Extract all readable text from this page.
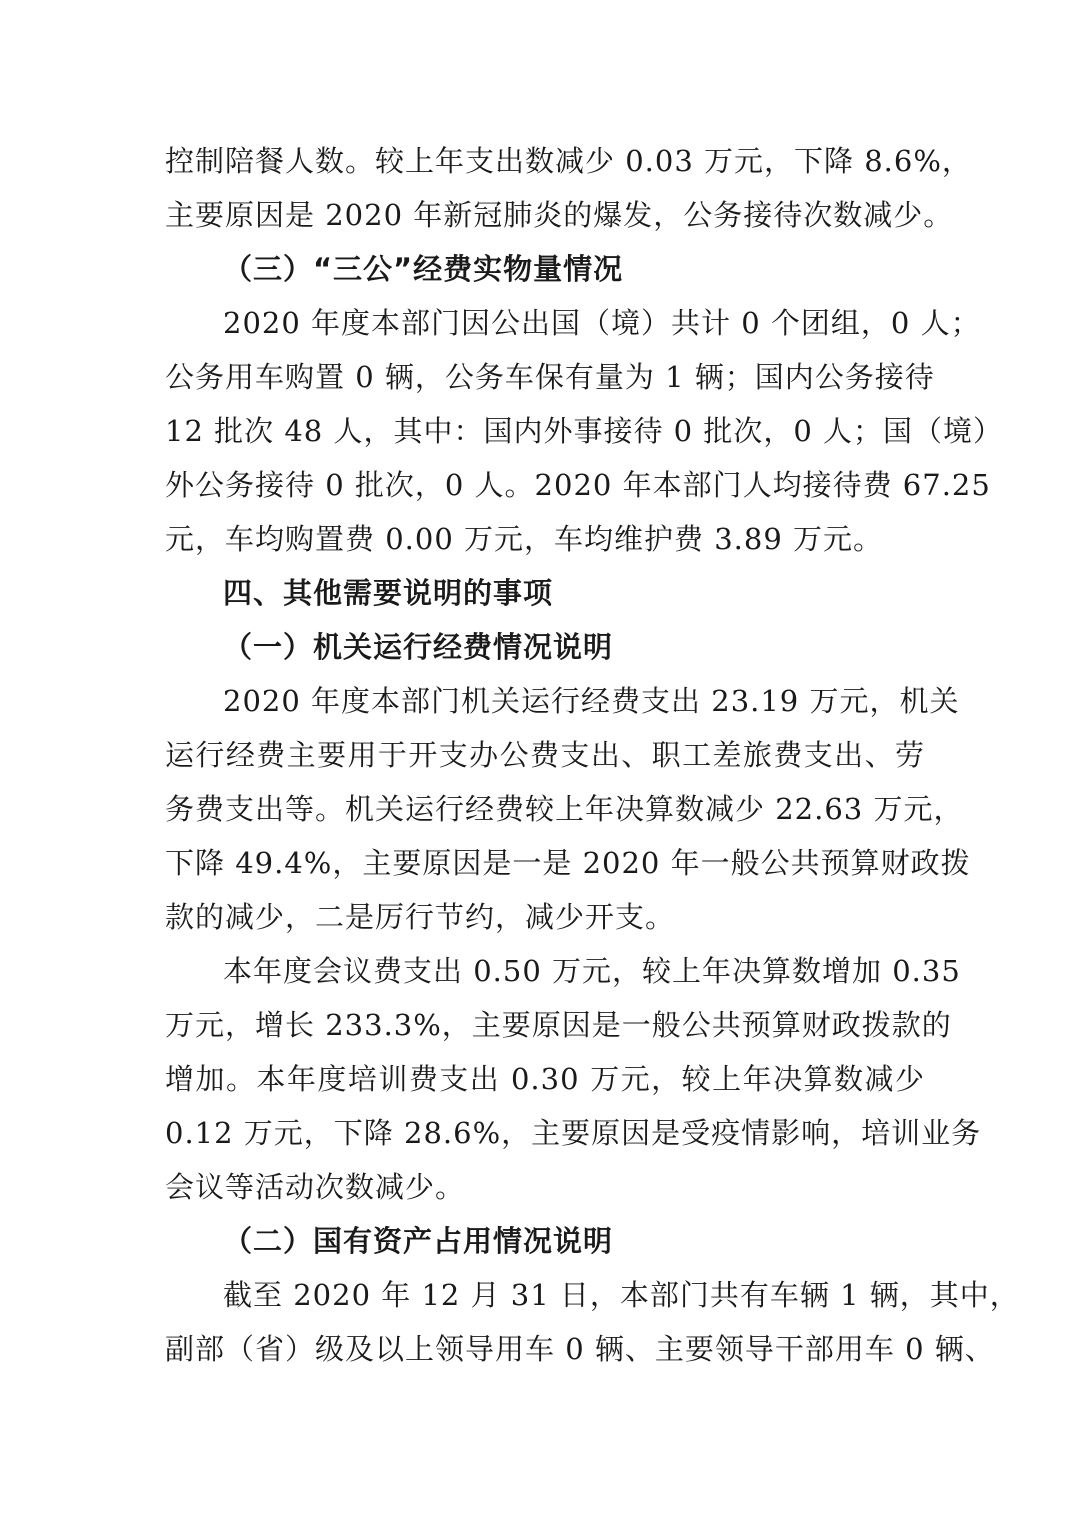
控制陪餐人数。较上年支出数减少 0.03 万元，下降 8.6%，
主要原因是 2020 年新冠肺炎的爆发，公务接待次数减少。
（三）“三公”经费实物量情况
2020 年度本部门因公出国（境）共计 0 个团组，0 人；
公务用车购置 0 辆，公务车保有量为 1 辆；国内公务接待
12 批次 48 人，其中：国内外事接待 0 批次，0 人；国（境）
外公务接待 0 批次，0 人。2020 年本部门人均接待费 67.25
元，车均购置费 0.00 万元，车均维护费 3.89 万元。
四、其他需要说明的事项
（一）机关运行经费情况说明
2020 年度本部门机关运行经费支出 23.19 万元，机关
运行经费主要用于开支办公费支出、职工差旅费支出、劳
务费支出等。机关运行经费较上年决算数减少 22.63 万元，
下降 49.4%，主要原因是一是 2020 年一般公共预算财政拨
款的减少，二是厉行节约，减少开支。
本年度会议费支出 0.50 万元，较上年决算数增加 0.35
万元，增长 233.3%，主要原因是一般公共预算财政拨款的
增加。本年度培训费支出 0.30 万元，较上年决算数减少
0.12 万元，下降 28.6%，主要原因是受疫情影响，培训业务
会议等活动次数减少。
（二）国有资产占用情况说明
截至 2020 年 12 月 31 日，本部门共有车辆 1 辆，其中，
副部（省）级及以上领导用车 0 辆、主要领导干部用车 0 辆、
